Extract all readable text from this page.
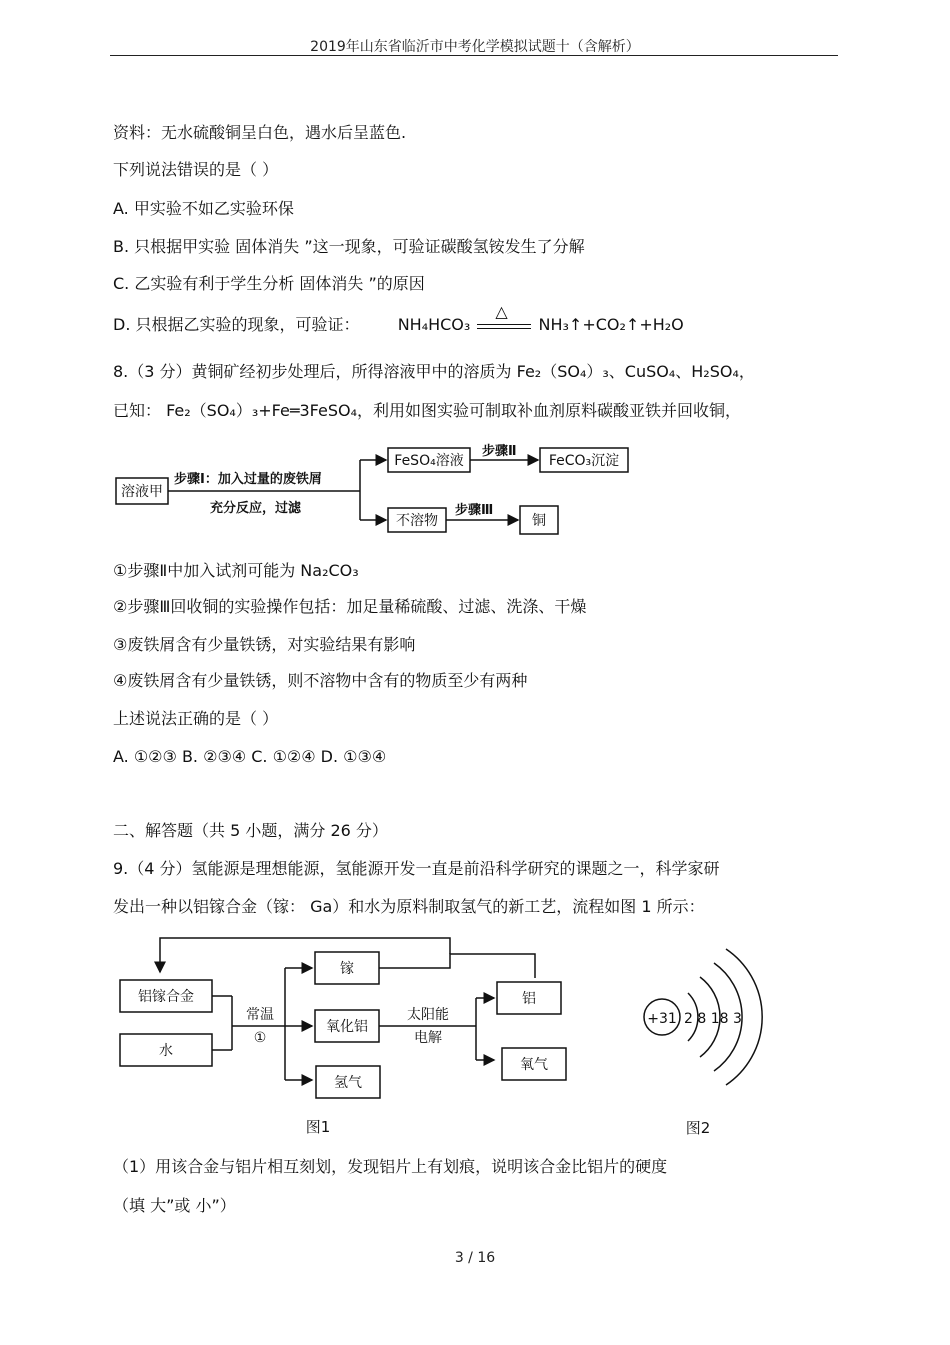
2019年山东省临沂市中考化学模拟试题十（含解析）
资料：无水硫酸铜呈白色，遇水后呈蓝色.
下列说法错误的是（ ）
A. 甲实验不如乙实验环保
B. 只根据甲实验 固体消失 ”这一现象，可验证碳酸氢铵发生了分解
C. 乙实验有利于学生分析 固体消失 ”的原因
D. 只根据乙实验的现象，可验证： NH₄HCO₃
△
NH₃↑+CO₂↑+H₂O
8.（3 分）黄铜矿经初步处理后，所得溶液甲中的溶质为 Fe₂（SO₄）₃、CuSO₄、H₂SO₄，
已知： Fe₂（SO₄）₃+Fe═3FeSO₄，利用如图实验可制取补血剂原料碳酸亚铁并回收铜，
溶液甲
步骤Ⅰ：加入过量的废铁屑
充分反应，过滤
FeSO₄溶液
步骤Ⅱ
FeCO₃沉淀
不溶物
步骤Ⅲ
铜
①步骤Ⅱ中加入试剂可能为 Na₂CO₃
②步骤Ⅲ回收铜的实验操作包括：加足量稀硫酸、过滤、洗涤、干燥
③废铁屑含有少量铁锈，对实验结果有影响
④废铁屑含有少量铁锈，则不溶物中含有的物质至少有两种
上述说法正确的是（ ）
A. ①②③ B. ②③④ C. ①②④ D. ①③④
二、解答题（共 5 小题，满分 26 分）
9.（4 分）氢能源是理想能源，氢能源开发一直是前沿科学研究的课题之一，科学家研
发出一种以铝镓合金（镓： Ga）和水为原料制取氢气的新工艺，流程如图 1 所示：
铝镓合金
水
常温
①
镓
氧化铝
太阳能
电解
氢气
铝
氧气
图1
+31 2 8 18 3
图2
（1）用该合金与铝片相互刻划，发现铝片上有划痕，说明该合金比铝片的硬度
（填 大”或 小”）
3 / 16
